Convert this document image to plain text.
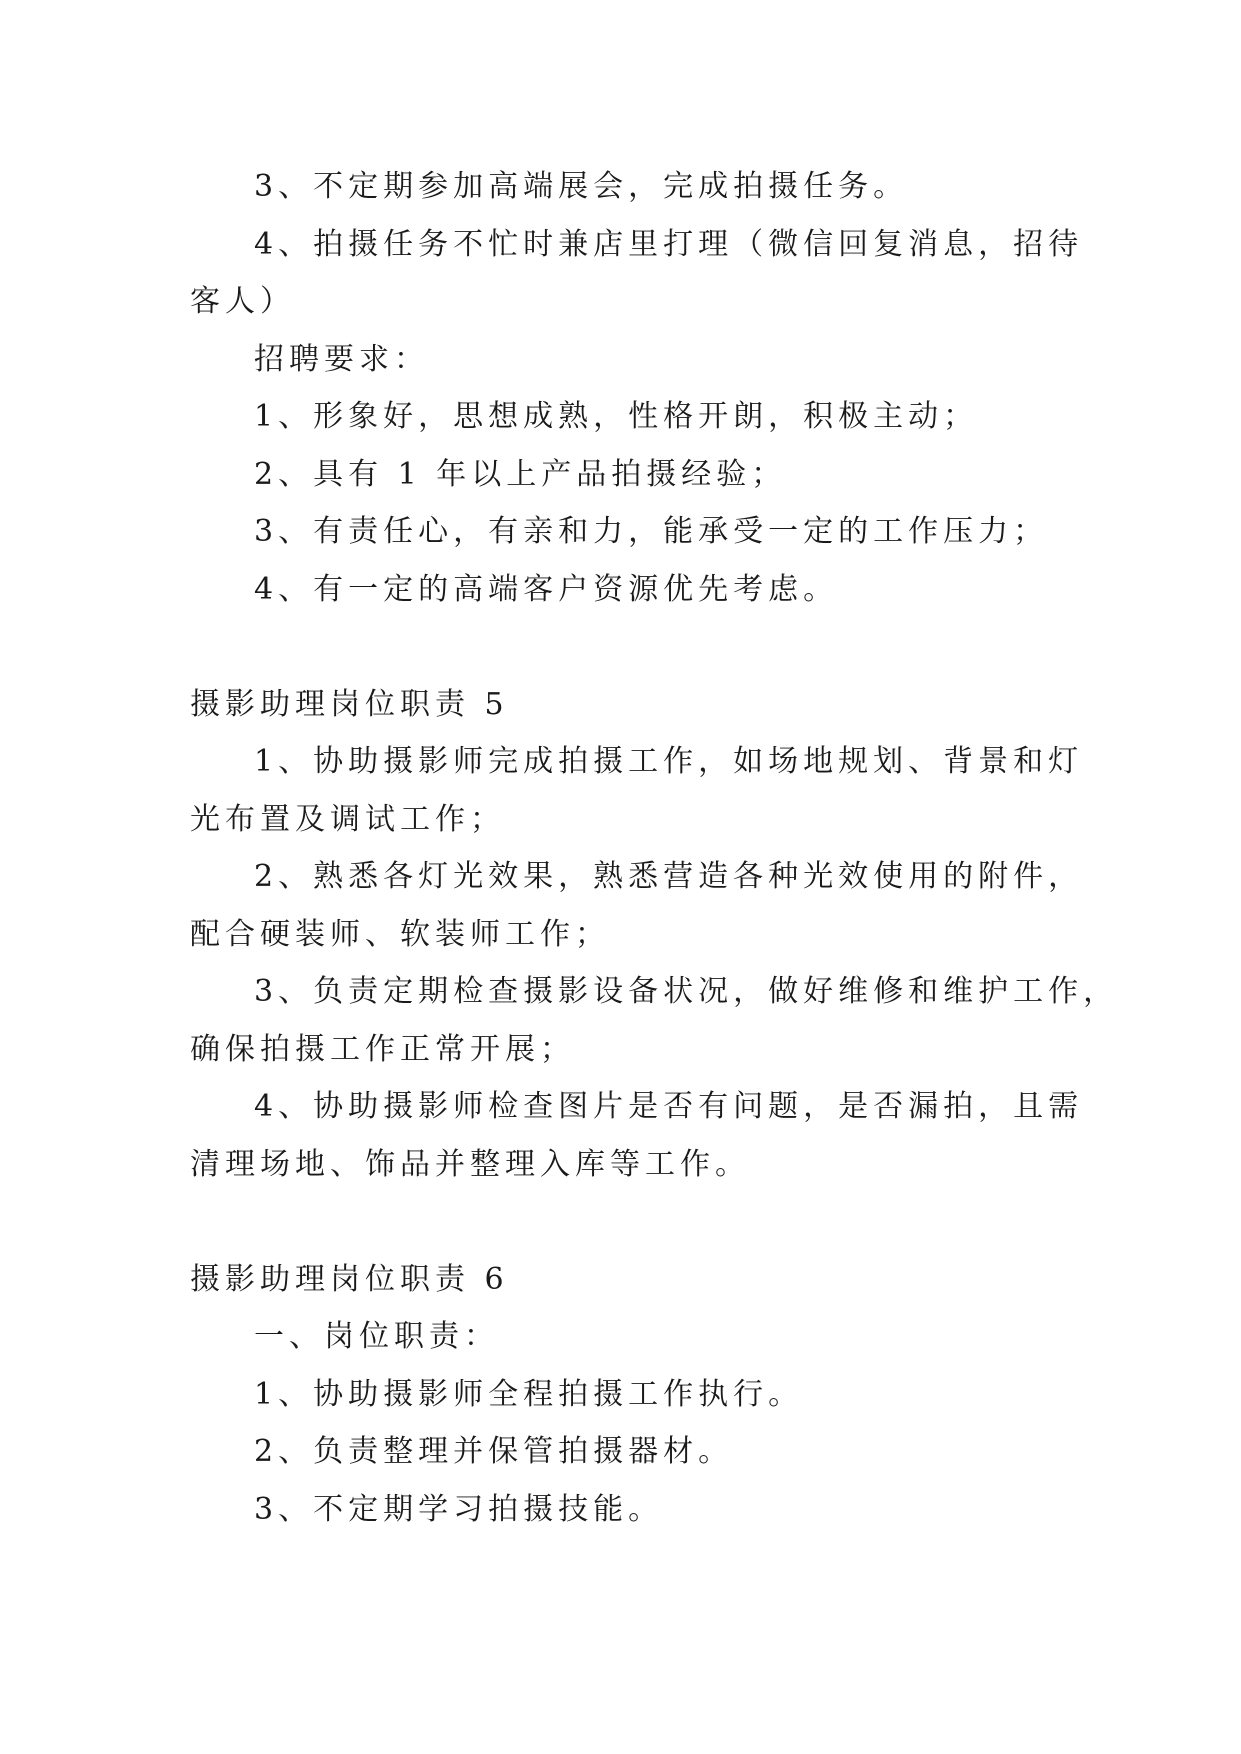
3、不定期参加高端展会，完成拍摄任务。

4、拍摄任务不忙时兼店里打理（微信回复消息，招待

客人）

招聘要求：

1、形象好，思想成熟，性格开朗，积极主动；

2、具有 1 年以上产品拍摄经验；

3、有责任心，有亲和力，能承受一定的工作压力；

4、有一定的高端客户资源优先考虑。

摄影助理岗位职责 5

1、协助摄影师完成拍摄工作，如场地规划、背景和灯

光布置及调试工作；

2、熟悉各灯光效果，熟悉营造各种光效使用的附件，

配合硬装师、软装师工作；

3、负责定期检查摄影设备状况，做好维修和维护工作，

确保拍摄工作正常开展；

4、协助摄影师检查图片是否有问题，是否漏拍，且需

清理场地、饰品并整理入库等工作。

摄影助理岗位职责 6

一、岗位职责：

1、协助摄影师全程拍摄工作执行。

2、负责整理并保管拍摄器材。

3、不定期学习拍摄技能。
